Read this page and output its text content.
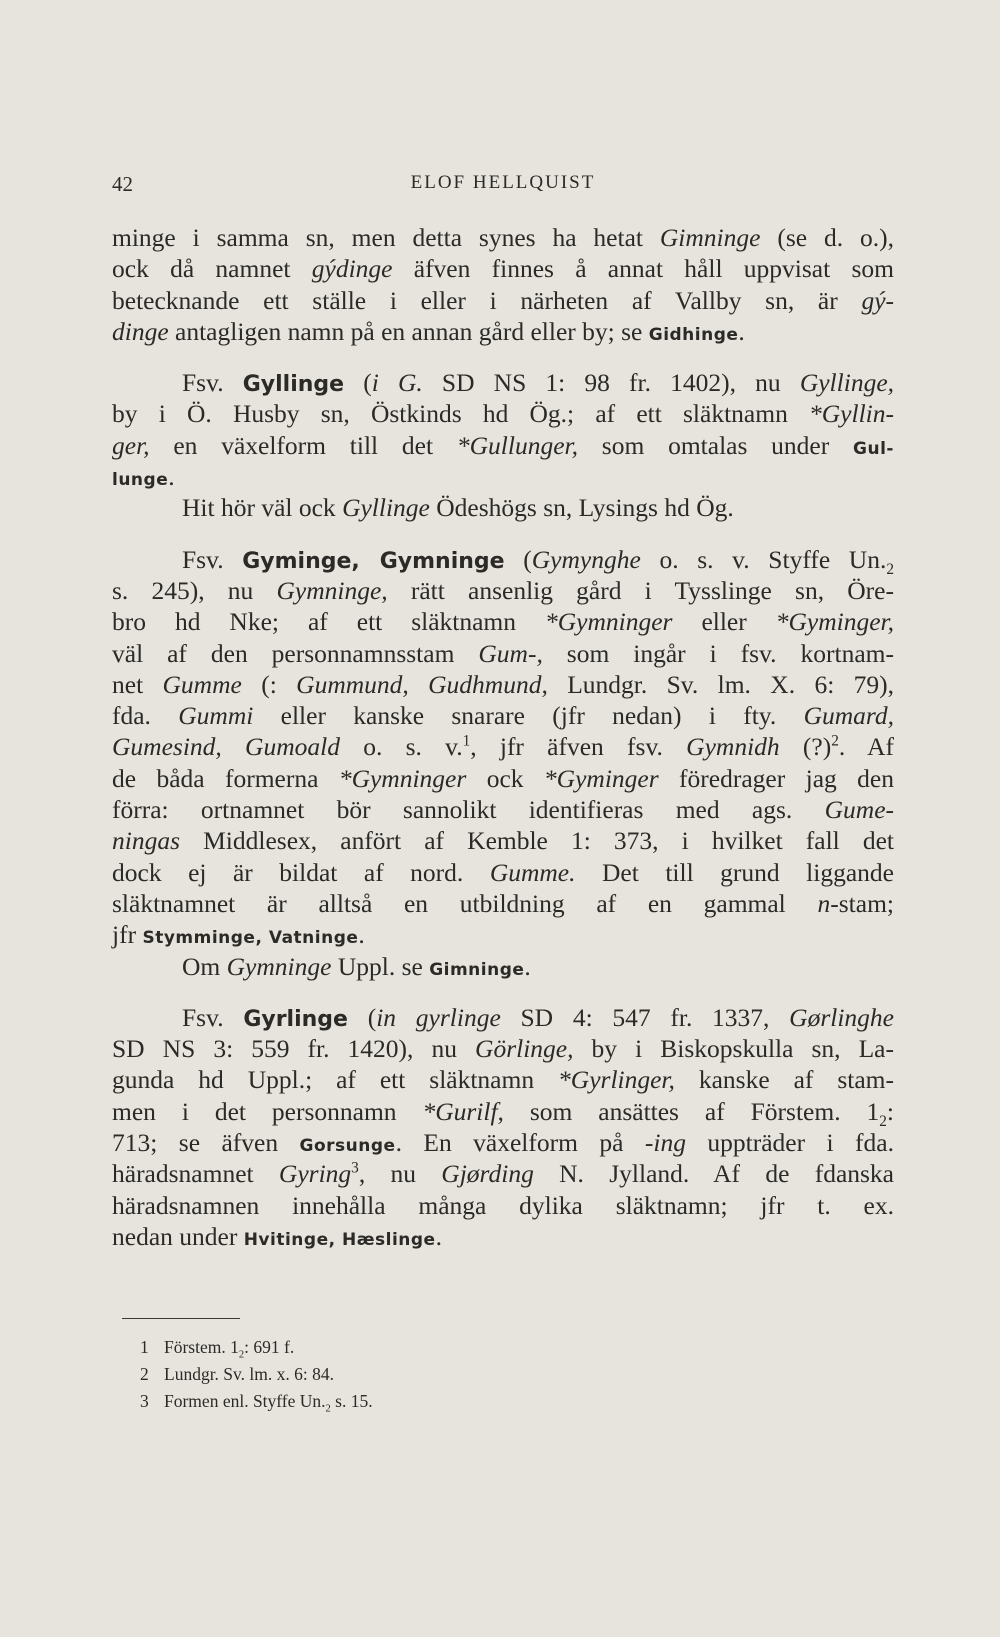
42	ELOF HELLQUIST
minge i samma sn, men detta synes ha hetat Gimninge (se d. o.),
ock då namnet gýdinge äfven finnes å annat håll uppvisat som
betecknande ett ställe i eller i närheten af Vallby sn, är gý-
dinge antagligen namn på en annan gård eller by; se Gidhinge.
Fsv. Gyllinge (i G. SD NS 1: 98 fr. 1402), nu Gyllinge,
by i Ö. Husby sn, Östkinds hd Ög.; af ett släktnamn *Gyllin-
ger, en växelform till det *Gullunger, som omtalas under Gul-
lunge.
Hit hör väl ock Gyllinge Ödeshögs sn, Lysings hd Ög.
Fsv. Gyminge, Gymninge (Gymynghe o. s. v. Styffe $Un._2$
s. 245), nu Gymninge, rätt ansenlig gård i Tysslinge sn, Öre-
bro hd Nke; af ett släktnamn *Gymninger eller *Gyminger,
väl af den personnamnsstam Gum-, som ingår i fsv. kortnam-
net Gumme (: Gummund, Gudhmund, Lundgr. Sv. lm. X. 6: 79),
fda. Gummi eller kanske snarare (jfr nedan) i fty. Gumard,
Gumesind, Gumoald o. s. v.$^1$, jfr äfven fsv. Gymnidh (?)$^2$. Af
de båda formerna *Gymninger ock *Gyminger föredrager jag den
förra: ortnamnet bör sannolikt identifieras med ags. Gume-
ningas Middlesex, anfört af Kemble 1: 373, i hvilket fall det
dock ej är bildat af nord. Gumme. Det till grund liggande
släktnamnet är alltså en utbildning af en gammal n-stam;
jfr Stymminge, Vatninge.
Om Gymninge Uppl. se Gimninge.
Fsv. Gyrlinge (in gyrlinge SD 4: 547 fr. 1337, Gørlinghe
SD NS 3: 559 fr. 1420), nu Görlinge, by i Biskopskulla sn, La-
gunda hd Uppl.; af ett släktnamn *Gyrlinger, kanske af stam-
men i det personnamn *Gurilf, som ansättes af Förstem. $1_2$:
713; se äfven Gorsunge. En växelform på -ing uppträder i fda.
häradsnamnet Gyring$^3$, nu Gjørding N. Jylland. Af de fdanska
häradsnamnen innehålla många dylika släktnamn; jfr t. ex.
nedan under Hvitinge, Hæslinge.
1 Förstem. $1_2$: 691 f.
2 Lundgr. Sv. lm. x. 6: 84.
3 Formen enl. Styffe $Un._2$ s. 15.
